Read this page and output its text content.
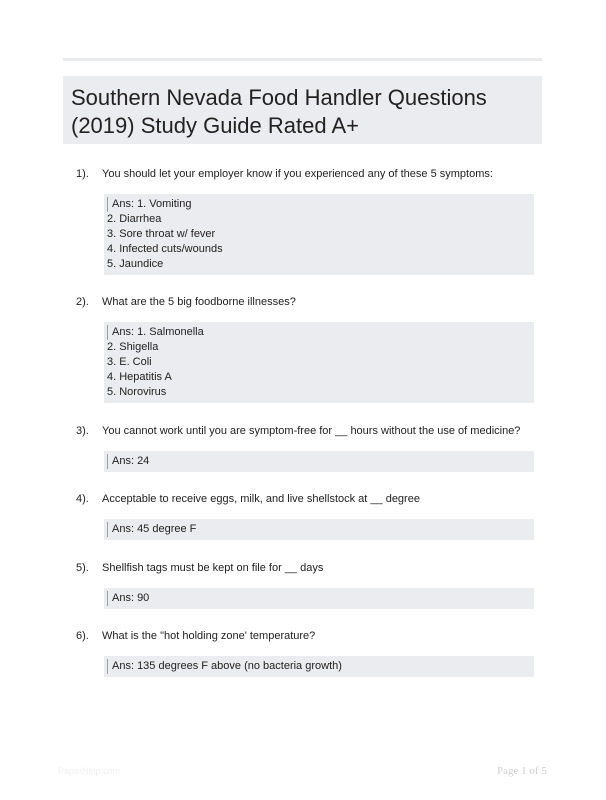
Southern Nevada Food Handler Questions (2019) Study Guide Rated A+
1).	You should let your employer know if you experienced any of these 5 symptoms:
Ans: 1. Vomiting
2. Diarrhea
3. Sore throat w/ fever
4. Infected cuts/wounds
5. Jaundice
2).	What are the 5 big foodborne illnesses?
Ans: 1. Salmonella
2. Shigella
3. E. Coli
4. Hepatitis A
5. Norovirus
3).	You cannot work until you are symptom-free for __ hours without the use of medicine?
Ans: 24
4).	Acceptable to receive eggs, milk, and live shellstock at __ degree
Ans: 45 degree F
5).	Shellfish tags must be kept on file for __ days
Ans: 90
6).	What is the "hot holding zone' temperature?
Ans: 135 degrees F above (no bacteria growth)
PaperHelp.com	Page 1 of 5
